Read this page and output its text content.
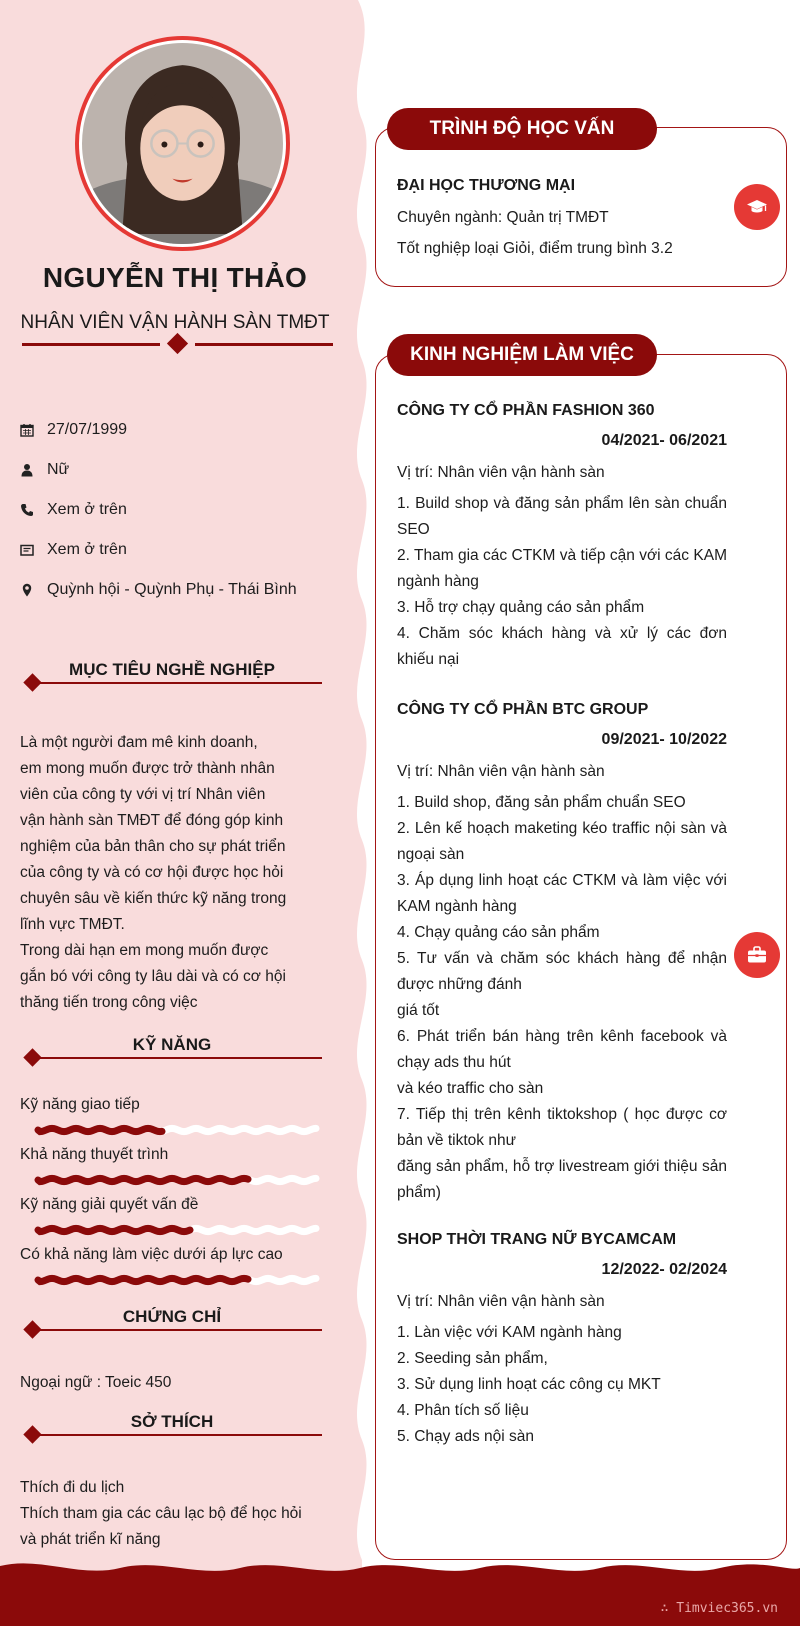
NGUYỄN THỊ THẢO
NHÂN VIÊN VẬN HÀNH SÀN TMĐT
27/07/1999
Nữ
Xem ở trên
Xem ở trên
Quỳnh hội - Quỳnh Phụ - Thái Bình
MỤC TIÊU NGHỀ NGHIỆP

Là một người đam mê kinh doanh,

em mong muốn được trở thành nhân

viên của công ty với vị trí Nhân viên

vận hành sàn TMĐT để đóng góp kinh

nghiệm của bản thân cho sự phát triển

của công ty và có cơ hội được học hỏi

chuyên sâu về kiến thức kỹ năng trong

lĩnh vực TMĐT.

Trong dài hạn em mong muốn được

gắn bó với công ty lâu dài và có cơ hội

thăng tiến trong công việc

KỸ NĂNG
Kỹ năng giao tiếp
Khả năng thuyết trình
Kỹ năng giải quyết vấn đề
Có khả năng làm việc dưới áp lực cao
CHỨNG CHỈ
Ngoại ngữ : Toeic 450
SỞ THÍCH
Thích đi du lịch
Thích tham gia các câu lạc bộ để học hỏi
và phát triển kĩ năng
TRÌNH ĐỘ HỌC VẤN
ĐẠI HỌC THƯƠNG MẠI
Chuyên ngành: Quản trị TMĐT
Tốt nghiệp loại Giỏi, điểm trung bình 3.2
KINH NGHIỆM LÀM VIỆC
CÔNG TY CỔ PHẦN FASHION 360
04/2021- 06/2021
Vị trí: Nhân viên vận hành sàn
1. Build shop và đăng sản phẩm lên sàn chuẩn SEO
2. Tham gia các CTKM và tiếp cận với các KAM ngành hàng
3. Hỗ trợ chạy quảng cáo sản phẩm
4. Chăm sóc khách hàng và xử lý các đơn khiếu nại
CÔNG TY CỔ PHẦN BTC GROUP
09/2021- 10/2022
Vị trí: Nhân viên vận hành sàn
1. Build shop, đăng sản phẩm chuẩn SEO
2. Lên kế hoạch maketing kéo traffic nội sàn và ngoại sàn
3. Áp dụng linh hoạt các CTKM và làm việc với KAM ngành hàng
4. Chạy quảng cáo sản phẩm
5. Tư vấn và chăm sóc khách hàng để nhận được những đánh
giá tốt
6. Phát triển bán hàng trên kênh facebook và chạy ads thu hút
và kéo traffic cho sàn
7. Tiếp thị trên kênh tiktokshop ( học được cơ bản về tiktok như
đăng sản phẩm, hỗ trợ livestream giới thiệu sản phẩm)
SHOP THỜI TRANG NỮ BYCAMCAM
12/2022- 02/2024
Vị trí: Nhân viên vận hành sàn
1. Làn việc với KAM ngành hàng
2. Seeding sản phẩm,
3. Sử dụng linh hoạt các công cụ MKT
4. Phân tích số liệu
5. Chạy ads nội sàn
∴ Timviec365.vn
